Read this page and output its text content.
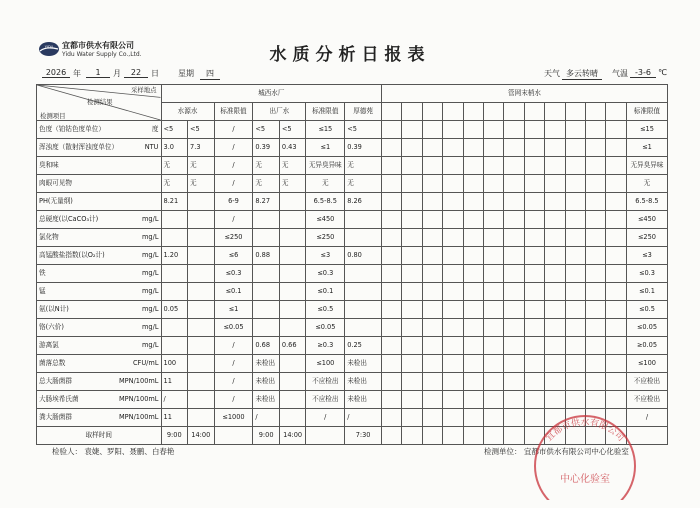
YIDU 宜都市供水有限公司
Yidu Water Supply Co.,Ltd.	水质分析日报表
2026 年	1	月	22	日 星期	四	天气 多云转晴	气温 -3-6 ℃
采样地点
检测结果
检测项目	城西水厂							管网末梢水												
	水源水		标准限值	出厂水		标准限值	厚德苑													标准限值
色度（铂钴色度单位） 度	<5	<5	/	<5	<5	≤15	<5													≤15
浑浊度（散射浑浊度单位） NTU	3.0	7.3	/	0.39	0.43	≤1	0.39													≤1
臭和味	无	无	/	无	无	无异臭异味	无													无异臭异味
肉眼可见物	无	无	/	无	无	无	无													无
PH(无量纲)	8.21		6-9	8.27		6.5-8.5	8.26													6.5-8.5
总硬度(以CaCO₃计) mg/L			/			≤450														≤450
氯化物 mg/L			≤250			≤250														≤250
高锰酸盐指数(以O₂计) mg/L	1.20		≤6	0.88		≤3	0.80													≤3
铁 mg/L			≤0.3			≤0.3														≤0.3
锰 mg/L			≤0.1			≤0.1														≤0.1
氨(以N计) mg/L	0.05		≤1			≤0.5														≤0.5
铬(六价) mg/L			≤0.05			≤0.05														≤0.05
游离氯 mg/L			/	0.68	0.66	≥0.3	0.25													≥0.05
菌落总数 CFU/mL	100		/	未检出		≤100	未检出													≤100
总大肠菌群 MPN/100mL	11		/	未检出		不应检出	未检出													不应检出
大肠埃希氏菌 MPN/100mL	/		/	未检出		不应检出	未检出													不应检出
粪大肠菌群 MPN/100mL	11		≤1000	/		/	/													/
取样时间	9:00	14:00		9:00	14:00		7:30													
检验人： 袁婕、罗阳、聂鹏、白春艳	检测单位： 宜都市供水有限公司中心化验室
宜都市供水有限公司
中心化验室
